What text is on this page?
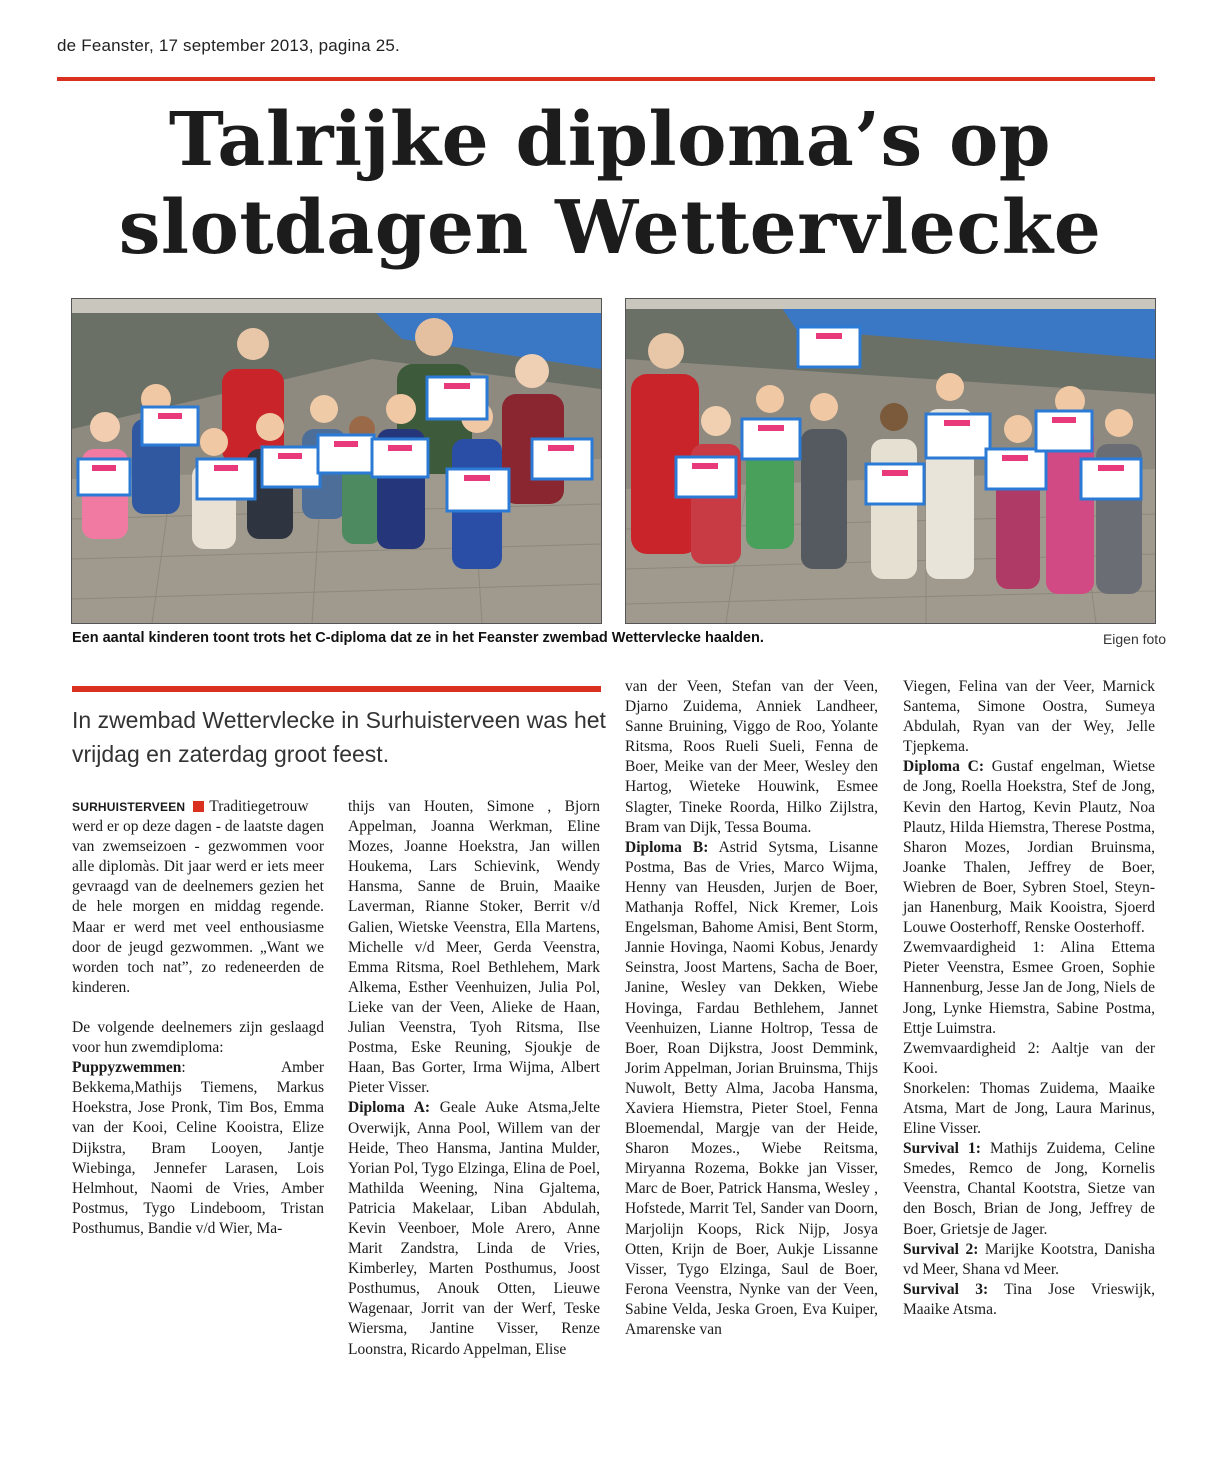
de Feanster, 17 september 2013, pagina 25.
Talrijke diploma’s op
slotdagen Wettervlecke
Een aantal kinderen toont trots het C-diploma dat ze in het Feanster zwembad Wettervlecke haalden.	Eigen foto
In zwembad Wettervlecke in Surhuisterveen was het vrijdag en zaterdag groot feest.

SURHUISTERVEEN Traditiegetrouw werd er op deze dagen - de laatste dagen van zwemseizoen - gezwommen voor alle diplomàs. Dit jaar werd er iets meer gevraagd van de deelnemers gezien het de hele morgen en middag regende. Maar er werd met veel enthousiasme door de jeugd gezwommen. „Want we worden toch nat”, zo redeneerden de kinderen.

De volgende deelnemers zijn geslaagd voor hun zwemdiploma:

Puppyzwemmen: Amber Bekkema,Mathijs Tiemens, Markus Hoekstra, Jose Pronk, Tim Bos, Emma van der Kooi, Celine Kooistra, Elize Dijkstra, Bram Looyen, Jantje Wiebinga, Jennefer Larasen, Lois Helmhout, Naomi de Vries, Amber Postmus, Tygo Lindeboom, Tristan Posthumus, Bandie v/d Wier, Ma-

thijs van Houten, Simone , Bjorn Appelman, Joanna Werkman, Eline Mozes, Joanne Hoekstra, Jan willen Houkema, Lars Schievink, Wendy Hansma, Sanne de Bruin, Maaike Laverman, Rianne Stoker, Berrit v/d Galien, Wietske Veenstra, Ella Martens, Michelle v/d Meer, Gerda Veenstra, Emma Ritsma, Roel Bethlehem, Mark Alkema, Esther Veenhuizen, Julia Pol, Lieke van der Veen, Alieke de Haan, Julian Veenstra, Tyoh Ritsma, Ilse Postma, Eske Reuning, Sjoukje de Haan, Bas Gorter, Irma Wijma, Albert Pieter Visser.

Diploma A: Geale Auke Atsma,Jelte Overwijk, Anna Pool, Willem van der Heide, Theo Hansma, Jantina Mulder, Yorian Pol, Tygo Elzinga, Elina de Poel, Mathilda Weening, Nina Gjaltema, Patricia Makelaar, Liban Abdulah, Kevin Veenboer, Mole Arero, Anne Marit Zandstra, Linda de Vries, Kimberley, Marten Posthumus, Joost Posthumus, Anouk Otten, Lieuwe Wagenaar, Jorrit van der Werf, Teske Wiersma, Jantine Visser, Renze Loonstra, Ricardo Appelman, Elise

van der Veen, Stefan van der Veen, Djarno Zuidema, Anniek Landheer, Sanne Bruining, Viggo de Roo, Yolante Ritsma, Roos Rueli Sueli, Fenna de Boer, Meike van der Meer, Wesley den Hartog, Wieteke Houwink, Esmee Slagter, Tineke Roorda, Hilko Zijlstra, Bram van Dijk, Tessa Bouma.

Diploma B: Astrid Sytsma, Lisanne Postma, Bas de Vries, Marco Wijma, Henny van Heusden, Jurjen de Boer, Mathanja Roffel, Nick Kremer, Lois Engelsman, Bahome Amisi, Bent Storm, Jannie Hovinga, Naomi Kobus, Jenardy Seinstra, Joost Martens, Sacha de Boer, Janine, Wesley van Dekken, Wiebe Hovinga, Fardau Bethlehem, Jannet Veenhuizen, Lianne Holtrop, Tessa de Boer, Roan Dijkstra, Joost Demmink, Jorim Appelman, Jorian Bruinsma, Thijs Nuwolt, Betty Alma, Jacoba Hansma, Xaviera Hiemstra, Pieter Stoel, Fenna Bloemendal, Margje van der Heide, Sharon Mozes., Wiebe Reitsma, Miryanna Rozema, Bokke jan Visser, Marc de Boer, Patrick Hansma, Wesley , Hofstede, Marrit Tel, Sander van Doorn, Marjolijn Koops, Rick Nijp, Josya Otten, Krijn de Boer, Aukje Lissanne Visser, Tygo Elzinga, Saul de Boer, Ferona Veenstra, Nynke van der Veen, Sabine Velda, Jeska Groen, Eva Kuiper, Amarenske van

Viegen, Felina van der Veer, Marnick Santema, Simone Oostra, Sumeya Abdulah, Ryan van der Wey, Jelle Tjepkema.

Diploma C: Gustaf engelman, Wietse de Jong, Roella Hoekstra, Stef de Jong, Kevin den Hartog, Kevin Plautz, Noa Plautz, Hilda Hiemstra, Therese Postma, Sharon Mozes, Jordian Bruinsma, Joanke Thalen, Jeffrey de Boer, Wiebren de Boer, Sybren Stoel, Steyn-jan Hanenburg, Maik Kooistra, Sjoerd Louwe Oosterhoff, Renske Oosterhoff.

Zwemvaardigheid 1: Alina Ettema Pieter Veenstra, Esmee Groen, Sophie Hannenburg, Jesse Jan de Jong, Niels de Jong, Lynke Hiemstra, Sabine Postma, Ettje Luimstra.

Zwemvaardigheid 2: Aaltje van der Kooi.

Snorkelen: Thomas Zuidema, Maaike Atsma, Mart de Jong, Laura Marinus, Eline Visser.

Survival 1: Mathijs Zuidema, Celine Smedes, Remco de Jong, Kornelis Veenstra, Chantal Kootstra, Sietze van den Bosch, Brian de Jong, Jeffrey de Boer, Grietsje de Jager.

Survival 2: Marijke Kootstra, Danisha vd Meer, Shana vd Meer.

Survival 3: Tina Jose Vrieswijk, Maaike Atsma.
